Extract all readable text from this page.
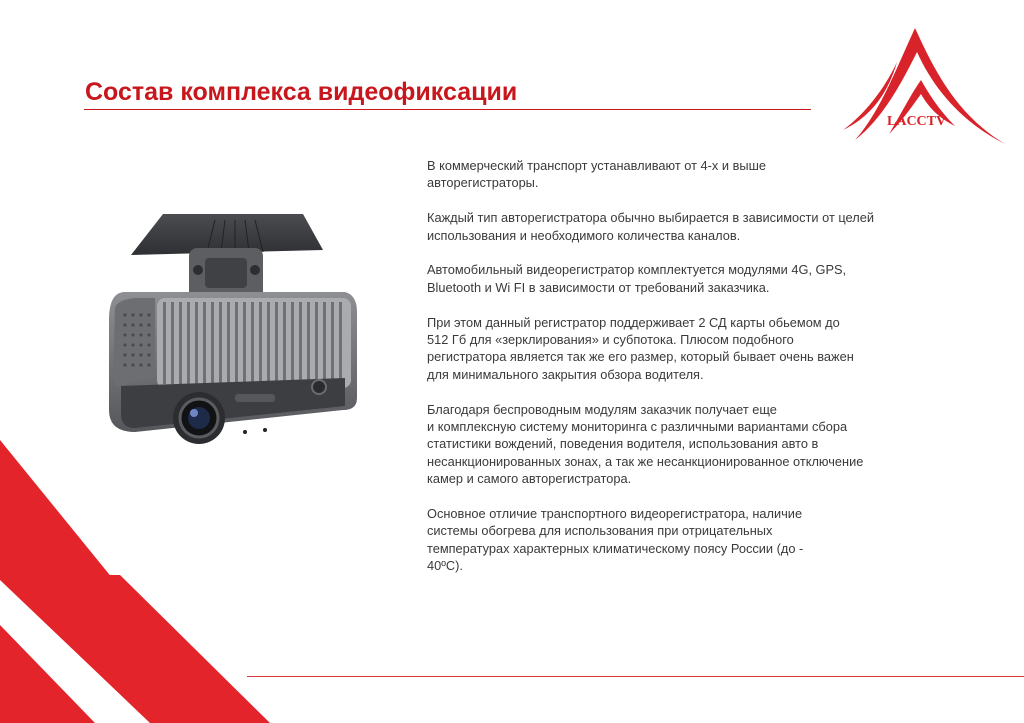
Состав комплекса видеофиксации
LACCTV

В коммерческий транспорт устанавливают от 4-х и выше
авторегистраторы.

Каждый тип авторегистратора обычно выбирается в зависимости от целей
использования и необходимого количества каналов.

Автомобильный видеорегистратор комплектуется модулями 4G, GPS,
Bluetooth и Wi FI в зависимости от требований заказчика.

При этом данный регистратор поддерживает 2 СД карты обьемом до
512 Гб для «зерклирования» и субпотока. Плюсом подобного
регистратора является так же его размер, который бывает очень важен
для минимального закрытия обзора водителя.

Благодаря беспроводным модулям заказчик получает еще
и комплексную систему мониторинга с различными вариантами сбора
статистики вождений, поведения водителя, использования авто в
несанкционированных зонах, а так же несанкционированное отключение
камер и самого авторегистратора.

Основное отличие транспортного видеорегистратора, наличие
системы обогрева для использования при отрицательных
температурах характерных климатическому поясу России (до -
40ºС).
